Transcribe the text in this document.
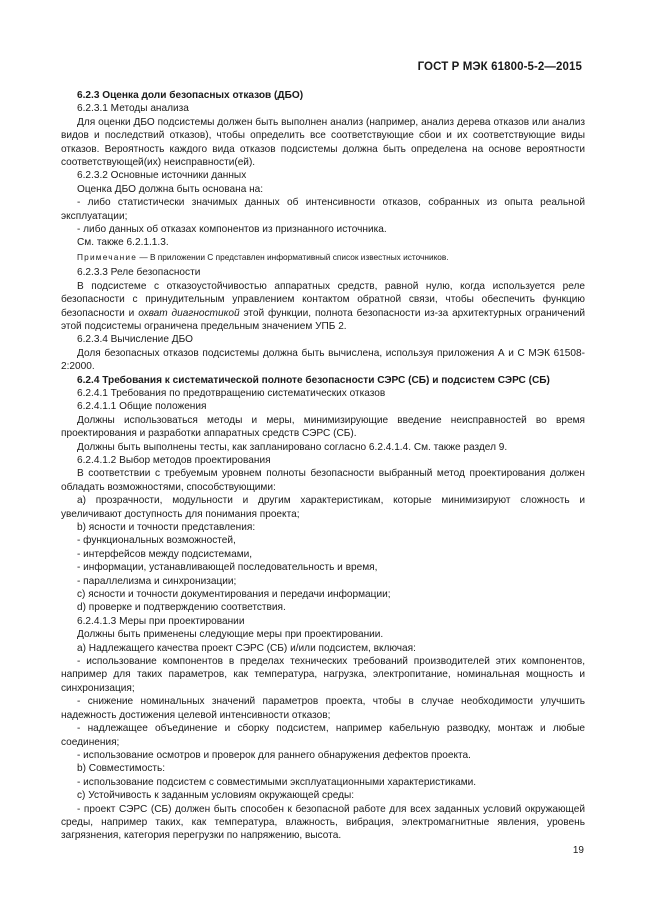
ГОСТ Р МЭК 61800-5-2—2015

6.2.3 Оценка доли безопасных отказов (ДБО)

6.2.3.1 Методы анализа

Для оценки ДБО подсистемы должен быть выполнен анализ (например, анализ дерева отказов или анализ видов и последствий отказов), чтобы определить все соответствующие сбои и их соответствующие виды отказов. Вероятность каждого вида отказов подсистемы должна быть определена на основе вероятности соответствующей(их) неисправности(ей).

6.2.3.2 Основные источники данных

Оценка ДБО должна быть основана на:

- либо статистически значимых данных об интенсивности отказов, собранных из опыта реальной эксплуатации;

- либо данных об отказах компонентов из признанного источника.

См. также 6.2.1.1.3.

Примечание — В приложении С представлен информативный список известных источников.

6.2.3.3 Реле безопасности

В подсистеме с отказоустойчивостью аппаратных средств, равной нулю, когда используется реле безопасности с принудительным управлением контактом обратной связи, чтобы обеспечить функцию безопасности и охват диагностикой этой функции, полнота безопасности из-за архитектурных ограничений этой подсистемы ограничена предельным значением УПБ 2.

6.2.3.4 Вычисление ДБО

Доля безопасных отказов подсистемы должна быть вычислена, используя приложения А и С МЭК 61508-2:2000.

6.2.4 Требования к систематической полноте безопасности СЭРС (СБ) и подсистем СЭРС (СБ)

6.2.4.1 Требования по предотвращению систематических отказов

6.2.4.1.1 Общие положения

Должны использоваться методы и меры, минимизирующие введение неисправностей во время проектирования и разработки аппаратных средств СЭРС (СБ).

Должны быть выполнены тесты, как запланировано согласно 6.2.4.1.4. См. также раздел 9.

6.2.4.1.2 Выбор методов проектирования

В соответствии с требуемым уровнем полноты безопасности выбранный метод проектирования должен обладать возможностями, способствующими:

a) прозрачности, модульности и другим характеристикам, которые минимизируют сложность и увеличивают доступность для понимания проекта;

b) ясности и точности представления:

- функциональных возможностей,

- интерфейсов между подсистемами,

- информации, устанавливающей последовательность и время,

- параллелизма и синхронизации;

c) ясности и точности документирования и передачи информации;

d) проверке и подтверждению соответствия.

6.2.4.1.3 Меры при проектировании

Должны быть применены следующие меры при проектировании.

a) Надлежащего качества проект СЭРС (СБ) и/или подсистем, включая:

- использование компонентов в пределах технических требований производителей этих компонентов, например для таких параметров, как температура, нагрузка, электропитание, номинальная мощность и синхронизация;

- снижение номинальных значений параметров проекта, чтобы в случае необходимости улучшить надежность достижения целевой интенсивности отказов;

- надлежащее объединение и сборку подсистем, например кабельную разводку, монтаж и любые соединения;

- использование осмотров и проверок для раннего обнаружения дефектов проекта.

b) Совместимость:

- использование подсистем с совместимыми эксплуатационными характеристиками.

c) Устойчивость к заданным условиям окружающей среды:

- проект СЭРС (СБ) должен быть способен к безопасной работе для всех заданных условий окружающей среды, например таких, как температура, влажность, вибрация, электромагнитные явления, уровень загрязнения, категория перегрузки по напряжению, высота.

19
